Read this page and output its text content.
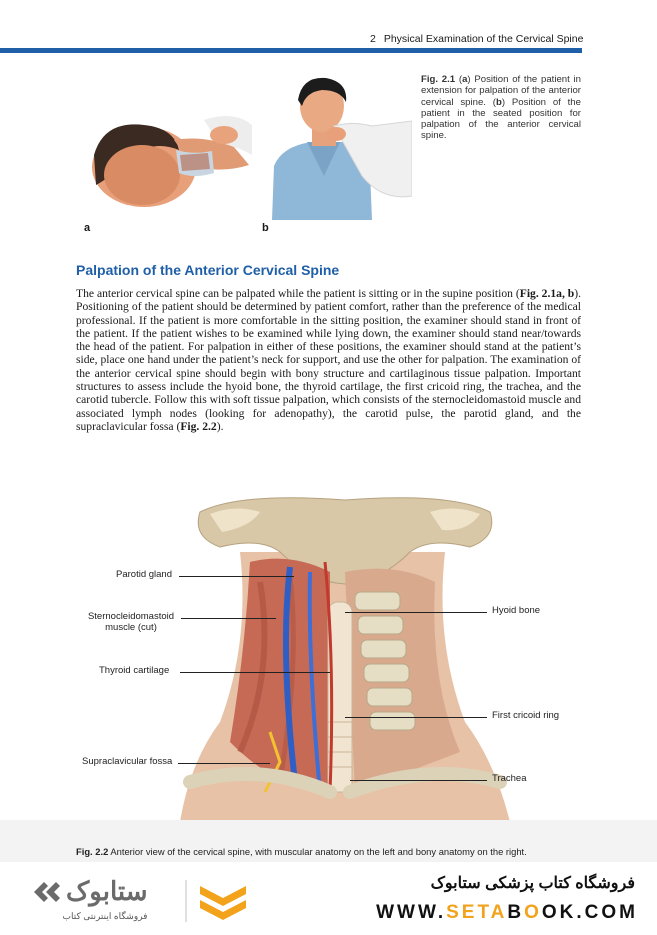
2 Physical Examination of the Cervical Spine
a	b
Fig. 2.1 (a) Position of the patient in extension for palpation of the anterior cervical spine. (b) Position of the patient in the seated position for palpation of the anterior cervical spine.
Palpation of the Anterior Cervical Spine
The anterior cervical spine can be palpated while the patient is sitting or in the supine position (Fig. 2.1a, b). Positioning of the patient should be determined by patient comfort, rather than the preference of the medical professional. If the patient is more comfortable in the sitting position, the examiner should stand in front of the patient. If the patient wishes to be examined while lying down, the examiner should stand near/towards the head of the patient. For palpation in either of these positions, the examiner should stand at the patient’s side, place one hand under the patient’s neck for support, and use the other for palpation. The examination of the anterior cervical spine should begin with bony structure and cartilaginous tissue palpation. Important structures to assess include the hyoid bone, the thyroid cartilage, the first cricoid ring, the trachea, and the carotid tubercle. Follow this with soft tissue palpation, which consists of the sternocleidomastoid muscle and associated lymph nodes (looking for adenopathy), the carotid pulse, the parotid gland, and the supraclavicular fossa (Fig. 2.2).
Parotid gland
Sternocleidomastoid
muscle (cut)
Thyroid cartilage
Supraclavicular fossa
Hyoid bone
First cricoid ring
Trachea
Fig. 2.2 Anterior view of the cervical spine, with muscular anatomy on the left and bony anatomy on the right.
ستابوک
فروشگاه اینترنتی کتاب
فروشگاه کتاب پزشکی ستابوک
WWW.SETABOOK.COM
